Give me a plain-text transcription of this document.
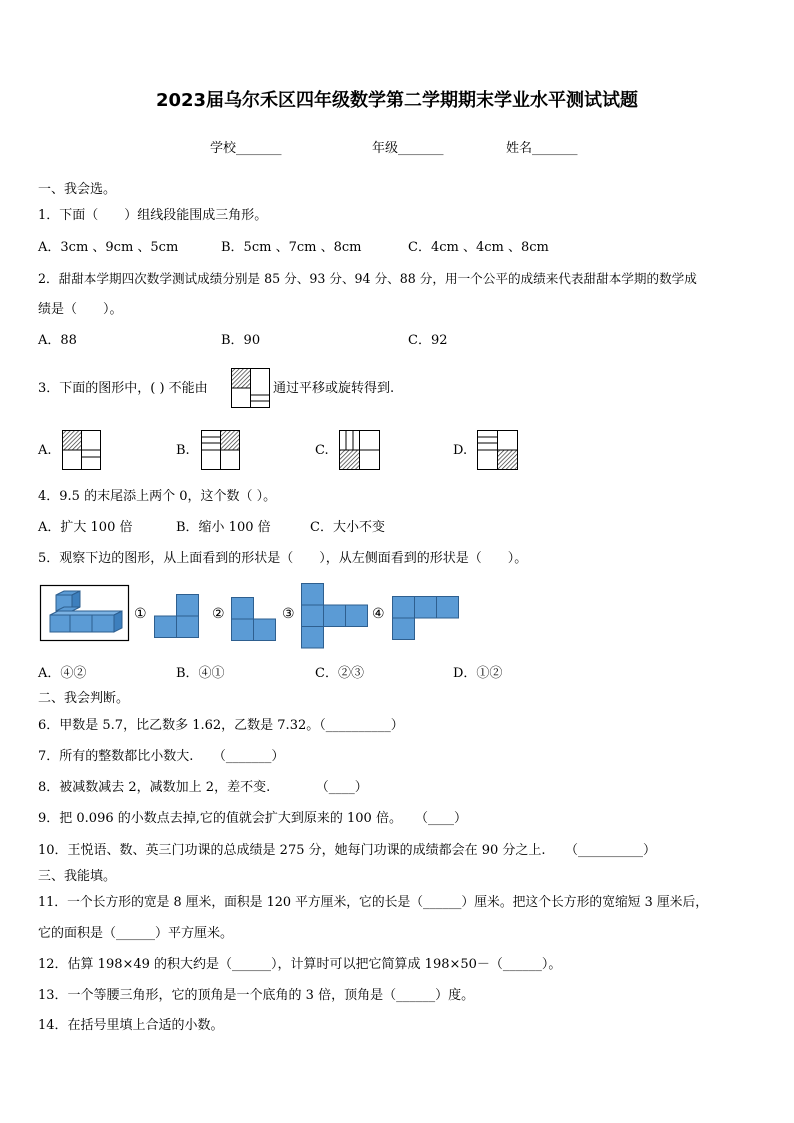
2023届乌尔禾区四年级数学第二学期期末学业水平测试试题
学校_______	年级_______	姓名_______
一、我会选。
1．下面（　　）组线段能围成三角形。
A．3cm 、9cm 、5cm	B．5cm 、7cm 、8cm	C．4cm 、4cm 、8cm
2．甜甜本学期四次数学测试成绩分别是 85 分、93 分、94 分、88 分，用一个公平的成绩来代表甜甜本学期的数学成
绩是（　　）。
A．88	B．90	C．92
3．下面的图形中，( ) 不能由	通过平移或旋转得到.
A.	B.	C.	D.
4．9.5 的末尾添上两个 0，这个数（ ）。
A．扩大 100 倍	B．缩小 100 倍	C．大小不变
5．观察下边的图形，从上面看到的形状是（　　），从左侧面看到的形状是（　　）。
①	②	③	④
A．④②	B．④①	C．②③	D．①②
二、我会判断。
6．甲数是 5.7，比乙数多 1.62，乙数是 7.32。（__________）
7．所有的整数都比小数大.　　（_______）
8．被减数减去 2，减数加上 2，差不变.　　　　（____）
9．把 0.096 的小数点去掉,它的值就会扩大到原来的 100 倍。　　（____）
10．王悦语、数、英三门功课的总成绩是 275 分，她每门功课的成绩都会在 90 分之上.　　（__________）
三、我能填。
11．一个长方形的宽是 8 厘米，面积是 120 平方厘米，它的长是（______）厘米。把这个长方形的宽缩短 3 厘米后，
它的面积是（______）平方厘米。
12．估算 198×49 的积大约是（______），计算时可以把它简算成 198×50－（______）。
13．一个等腰三角形，它的顶角是一个底角的 3 倍，顶角是（______）度。
14．在括号里填上合适的小数。
